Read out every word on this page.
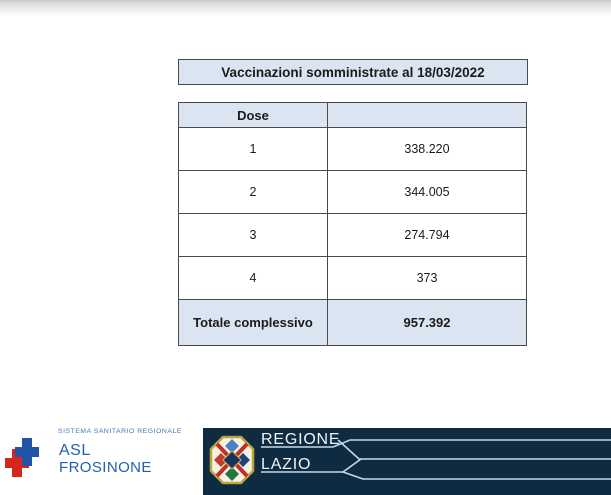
Vaccinazioni somministrate al 18/03/2022
Dose	
1	338.220
2	344.005
3	274.794
4	373
Totale complessivo	957.392
SISTEMA SANITARIO REGIONALE
ASL
FROSINONE
REGIONE
LAZIO
